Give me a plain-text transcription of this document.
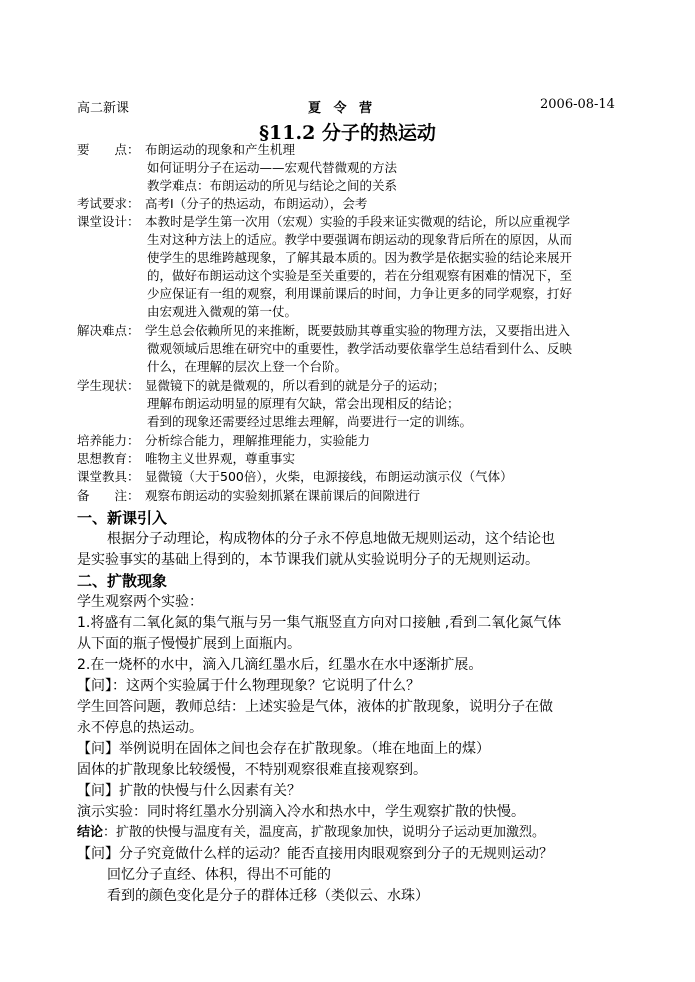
高二新课	夏 令 营	2006-08-14
§11.2 分子的热运动
要　　点： 布朗运动的现象和产生机理
如何证明分子在运动——宏观代替微观的方法
教学难点：布朗运动的所见与结论之间的关系
考试要求： 高考Ⅰ（分子的热运动，布朗运动），会考
课堂设计： 本教时是学生第一次用（宏观）实验的手段来证实微观的结论，所以应重视学
生对这种方法上的适应。教学中要强调布朗运动的现象背后所在的原因，从而
使学生的思维跨越现象，了解其最本质的。因为教学是依据实验的结论来展开
的，做好布朗运动这个实验是至关重要的，若在分组观察有困难的情况下，至
少应保证有一组的观察，利用课前课后的时间，力争让更多的同学观察，打好
由宏观进入微观的第一仗。
解决难点： 学生总会依赖所见的来推断，既要鼓励其尊重实验的物理方法，又要指出进入
微观领域后思维在研究中的重要性，教学活动要依靠学生总结看到什么、反映
什么，在理解的层次上登一个台阶。
学生现状： 显微镜下的就是微观的，所以看到的就是分子的运动；
理解布朗运动明显的原理有欠缺，常会出现相反的结论；
看到的现象还需要经过思维去理解，尚要进行一定的训练。
培养能力： 分析综合能力，理解推理能力，实验能力
思想教育： 唯物主义世界观，尊重事实
课堂教具： 显微镜（大于500倍），火柴，电源接线，布朗运动演示仪（气体）
备　　注： 观察布朗运动的实验刻抓紧在课前课后的间隙进行
一、新课引入
根据分子动理论，构成物体的分子永不停息地做无规则运动，这个结论也
是实验事实的基础上得到的，本节课我们就从实验说明分子的无规则运动。
二、扩散现象
学生观察两个实验：
1.将盛有二氧化氮的集气瓶与另一集气瓶竖直方向对口接触 ,看到二氧化氮气体
从下面的瓶子慢慢扩展到上面瓶内。
2.在一烧杯的水中，滴入几滴红墨水后，红墨水在水中逐渐扩展。
【问】：这两个实验属于什么物理现象？它说明了什么？
学生回答问题，教师总结：上述实验是气体，液体的扩散现象，说明分子在做
永不停息的热运动。
【问】举例说明在固体之间也会存在扩散现象。（堆在地面上的煤）
固体的扩散现象比较缓慢，不特别观察很难直接观察到。
【问】扩散的快慢与什么因素有关？
演示实验：同时将红墨水分别滴入冷水和热水中，学生观察扩散的快慢。
结论：扩散的快慢与温度有关，温度高，扩散现象加快，说明分子运动更加激烈。
【问】分子究竟做什么样的运动？能否直接用肉眼观察到分子的无规则运动？
回忆分子直经、体积，得出不可能的
看到的颜色变化是分子的群体迁移（类似云、水珠）
